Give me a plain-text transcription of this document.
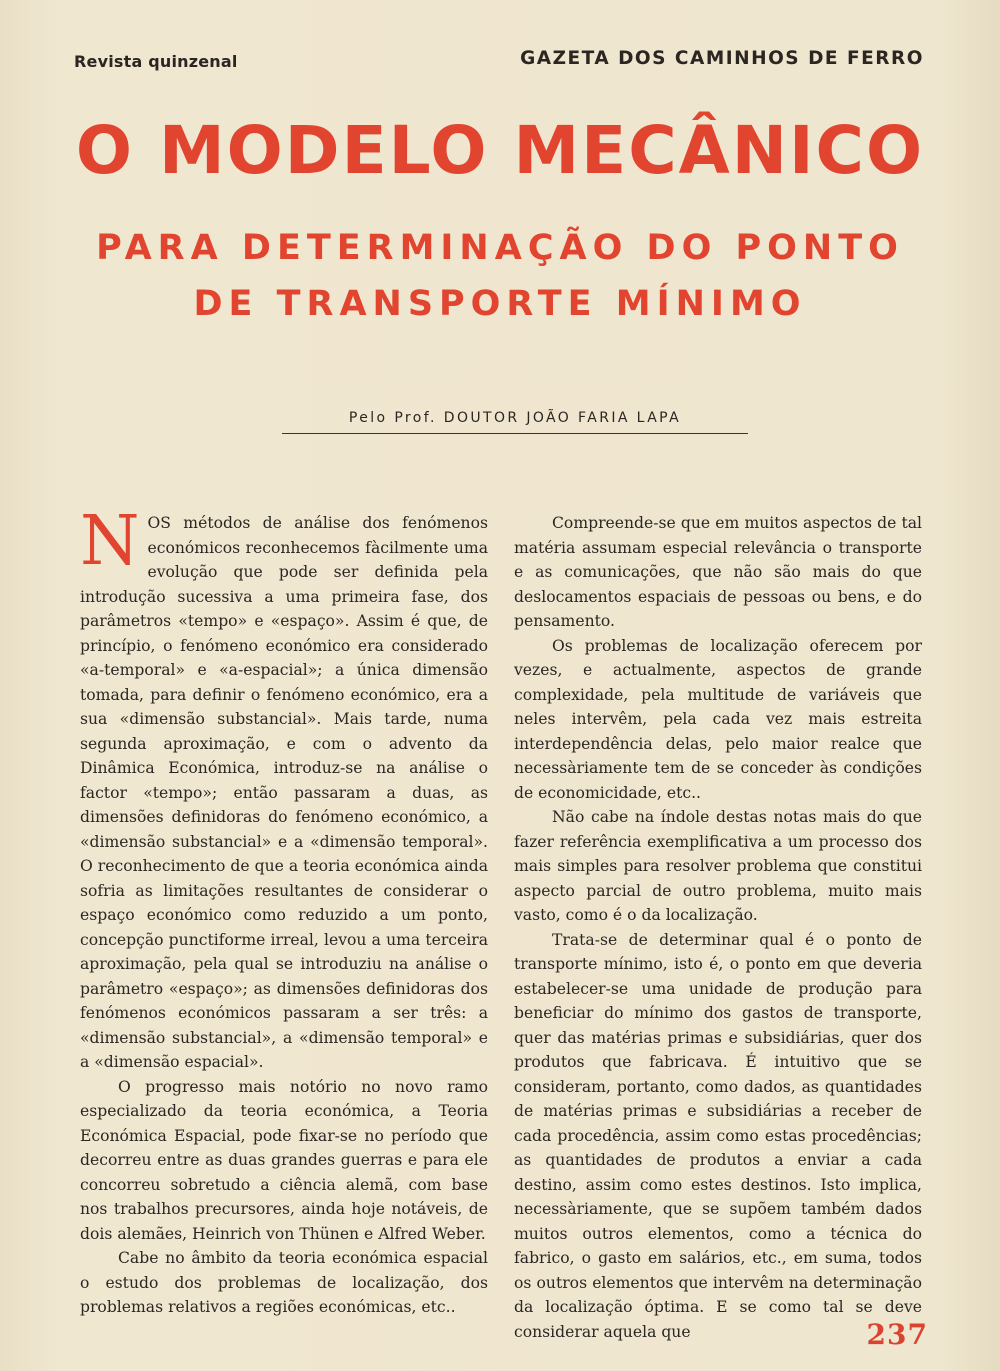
Revista quinzenal	GAZETA DOS CAMINHOS DE FERRO
O MODELO MECÂNICO
PARA DETERMINAÇÃO DO PONTO
DE TRANSPORTE MÍNIMO
Pelo Prof. DOUTOR JOÃO FARIA LAPA

NOS métodos de análise dos fenómenos económicos reconhecemos fàcilmente uma evolução que pode ser definida pela introdução sucessiva a uma primeira fase, dos parâmetros «tempo» e «espaço». Assim é que, de princípio, o fenómeno económico era considerado «a-temporal» e «a-espacial»; a única dimensão tomada, para definir o fenómeno económico, era a sua «dimensão substancial». Mais tarde, numa segunda aproximação, e com o advento da Dinâmica Económica, introduz-se na análise o factor «tempo»; então passaram a duas, as dimensões definidoras do fenómeno económico, a «dimensão substancial» e a «dimensão temporal». O reconhecimento de que a teoria económica ainda sofria as limitações resultantes de considerar o espaço económico como reduzido a um ponto, concepção punctiforme irreal, levou a uma terceira aproximação, pela qual se introduziu na análise o parâmetro «espaço»; as dimensões definidoras dos fenómenos económicos passaram a ser três: a «dimensão substancial», a «dimensão temporal» e a «dimensão espacial».

O progresso mais notório no novo ramo especializado da teoria económica, a Teoria Económica Espacial, pode fixar-se no período que decorreu entre as duas grandes guerras e para ele concorreu sobretudo a ciência alemã, com base nos trabalhos precursores, ainda hoje notáveis, de dois alemães, Heinrich von Thünen e Alfred Weber.

Cabe no âmbito da teoria económica espacial o estudo dos problemas de localização, dos problemas relativos a regiões económicas, etc..

Compreende-se que em muitos aspectos de tal matéria assumam especial relevância o transporte e as comunicações, que não são mais do que deslocamentos espaciais de pessoas ou bens, e do pensamento.

Os problemas de localização oferecem por vezes, e actualmente, aspectos de grande complexidade, pela multitude de variáveis que neles intervêm, pela cada vez mais estreita interdependência delas, pelo maior realce que necessàriamente tem de se conceder às condições de economicidade, etc..

Não cabe na índole destas notas mais do que fazer referência exemplificativa a um processo dos mais simples para resolver problema que constitui aspecto parcial de outro problema, muito mais vasto, como é o da localização.

Trata-se de determinar qual é o ponto de transporte mínimo, isto é, o ponto em que deveria estabelecer-se uma unidade de produção para beneficiar do mínimo dos gastos de transporte, quer das matérias primas e subsidiárias, quer dos produtos que fabricava. É intuitivo que se consideram, portanto, como dados, as quantidades de matérias primas e subsidiárias a receber de cada procedência, assim como estas procedências; as quantidades de produtos a enviar a cada destino, assim como estes destinos. Isto implica, necessàriamente, que se supõem também dados muitos outros elementos, como a técnica do fabrico, o gasto em salários, etc., em suma, todos os outros elementos que intervêm na determinação da localização óptima. E se como tal se deve considerar aquela que	237
